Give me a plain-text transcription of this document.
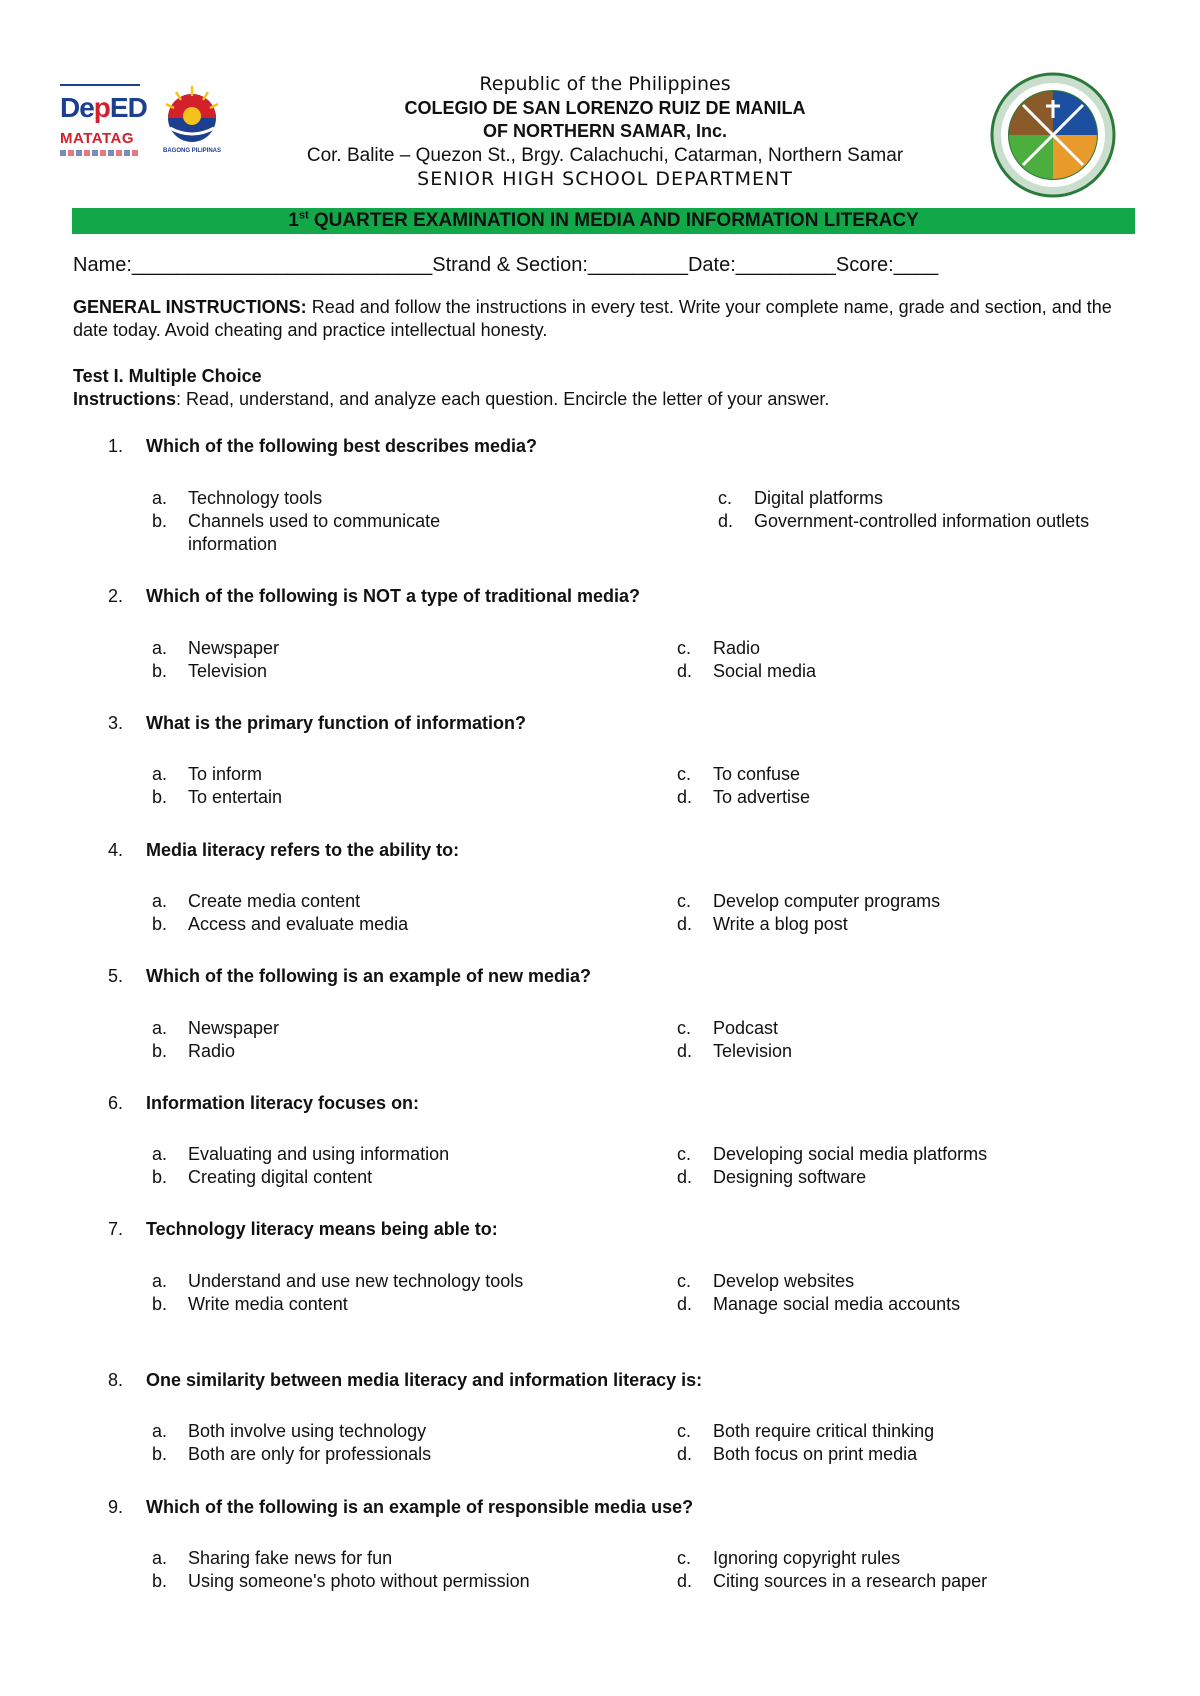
DepED
MATATAG
BAGONG PILIPINAS
Republic of the Philippines
COLEGIO DE SAN LORENZO RUIZ DE MANILA
OF NORTHERN SAMAR, Inc.
Cor. Balite – Quezon St., Brgy. Calachuchi, Catarman, Northern Samar
SENIOR HIGH SCHOOL DEPARTMENT
1st QUARTER EXAMINATION IN MEDIA AND INFORMATION LITERACY
Name:___________________________Strand & Section:_________Date:_________Score:____
GENERAL INSTRUCTIONS: Read and follow the instructions in every test. Write your complete name, grade and section, and the date today. Avoid cheating and practice intellectual honesty.
Test I. Multiple Choice
Instructions: Read, understand, and analyze each question. Encircle the letter of your answer.
1. Which of the following best describes media?
a. Technology tools
b.	Channels used to communicate information
c. Digital platforms
d. Government-controlled information outlets
2. Which of the following is NOT a type of traditional media?
a. Newspaper
b. Television
c. Radio
d. Social media
3. What is the primary function of information?
a. To inform
b. To entertain
c. To confuse
d. To advertise
4. Media literacy refers to the ability to:
a. Create media content
b. Access and evaluate media
c. Develop computer programs
d. Write a blog post
5. Which of the following is an example of new media?
a. Newspaper
b. Radio
c. Podcast
d. Television
6. Information literacy focuses on:
a. Evaluating and using information
b. Creating digital content
c. Developing social media platforms
d. Designing software
7. Technology literacy means being able to:
a. Understand and use new technology tools
b. Write media content
c. Develop websites
d. Manage social media accounts
8. One similarity between media literacy and information literacy is:
a. Both involve using technology
b. Both are only for professionals
c. Both require critical thinking
d. Both focus on print media
9. Which of the following is an example of responsible media use?
a. Sharing fake news for fun
b. Using someone's photo without permission
c. Ignoring copyright rules
d. Citing sources in a research paper
